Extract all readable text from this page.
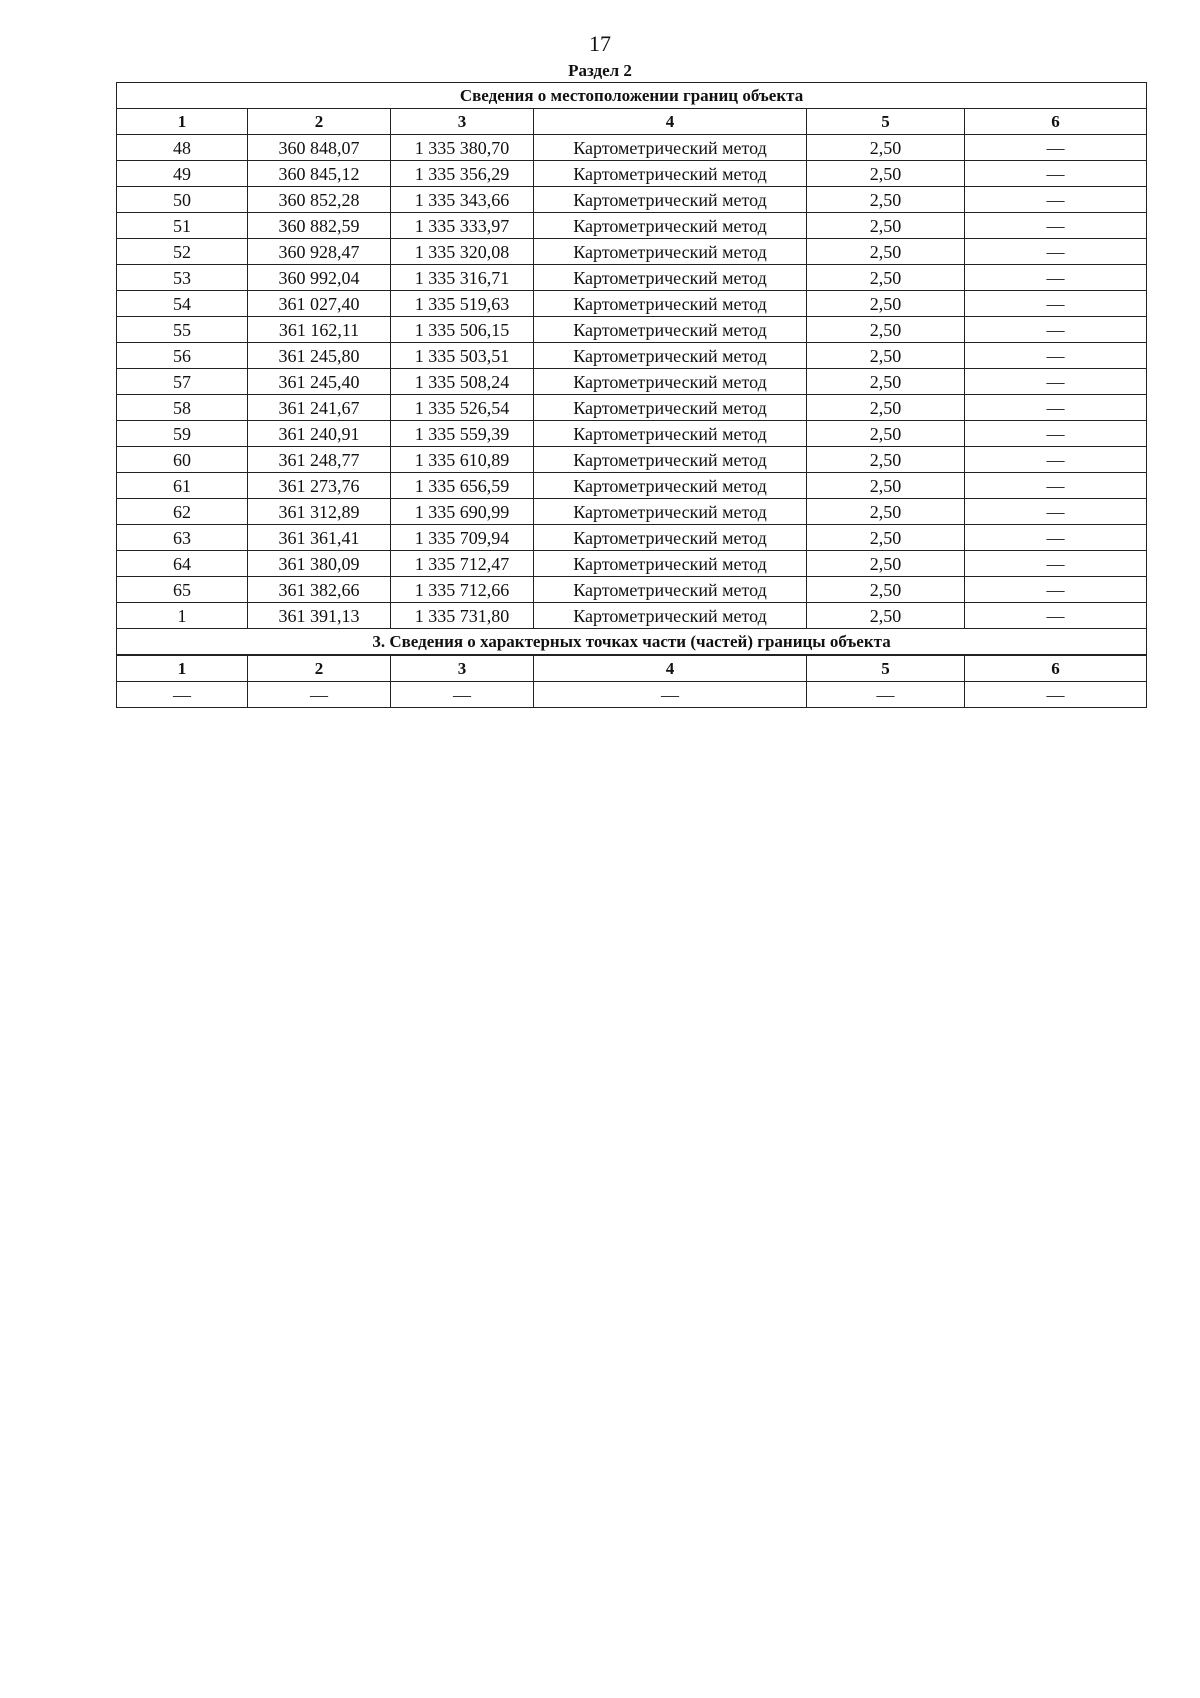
17
Раздел 2
Сведения о местоположении границ объекта					
1	2	3	4	5	6
48	360 848,07	1 335 380,70	Картометрический метод	2,50	—
49	360 845,12	1 335 356,29	Картометрический метод	2,50	—
50	360 852,28	1 335 343,66	Картометрический метод	2,50	—
51	360 882,59	1 335 333,97	Картометрический метод	2,50	—
52	360 928,47	1 335 320,08	Картометрический метод	2,50	—
53	360 992,04	1 335 316,71	Картометрический метод	2,50	—
54	361 027,40	1 335 519,63	Картометрический метод	2,50	—
55	361 162,11	1 335 506,15	Картометрический метод	2,50	—
56	361 245,80	1 335 503,51	Картометрический метод	2,50	—
57	361 245,40	1 335 508,24	Картометрический метод	2,50	—
58	361 241,67	1 335 526,54	Картометрический метод	2,50	—
59	361 240,91	1 335 559,39	Картометрический метод	2,50	—
60	361 248,77	1 335 610,89	Картометрический метод	2,50	—
61	361 273,76	1 335 656,59	Картометрический метод	2,50	—
62	361 312,89	1 335 690,99	Картометрический метод	2,50	—
63	361 361,41	1 335 709,94	Картометрический метод	2,50	—
64	361 380,09	1 335 712,47	Картометрический метод	2,50	—
65	361 382,66	1 335 712,66	Картометрический метод	2,50	—
1	361 391,13	1 335 731,80	Картометрический метод	2,50	—
3. Сведения о характерных точках части (частей) границы объекта					
1	2	3	4	5	6
—	—	—	—	—	—
